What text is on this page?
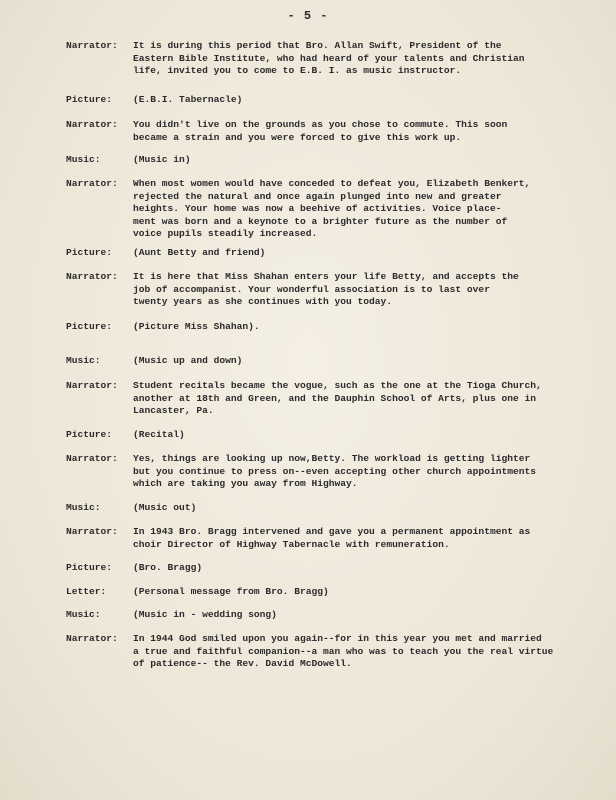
- 5 -
Narrator:	It is during this period that Bro. Allan Swift, President of the
Eastern Bible Institute, who had heard of your talents and Christian
life, invited you to come to E.B. I. as music instructor.
Picture:	(E.B.I. Tabernacle)
Narrator:	You didn't live on the grounds as you chose to commute. This soon
became a strain and you were forced to give this work up.
Music:	(Music in)
Narrator:	When most women would have conceded to defeat you, Elizabeth Benkert,
rejected the natural and once again plunged into new and greater
heights. Your home was now a beehive of activities. Voice place-
ment was born and a keynote to a brighter future as the number of
voice pupils steadily increased.
Picture:	(Aunt Betty and friend)
Narrator:	It is here that Miss Shahan enters your life Betty, and accepts the
job of accompanist. Your wonderful association is to last over
twenty years as she continues with you today.
Picture:	(Picture Miss Shahan).
Music:	(Music up and down)
Narrator:	Student recitals became the vogue, such as the one at the Tioga Church,
another at 18th and Green, and the Dauphin School of Arts, plus one in
Lancaster, Pa.
Picture:	(Recital)
Narrator:	Yes, things are looking up now,Betty. The workload is getting lighter
but you continue to press on--even accepting other church appointments
which are taking you away from Highway.
Music:	(Music out)
Narrator:	In 1943 Bro. Bragg intervened and gave you a permanent appointment as
choir Director of Highway Tabernacle with remuneration.
Picture:	(Bro. Bragg)
Letter:	(Personal message from Bro. Bragg)
Music:	(Music in - wedding song)
Narrator:	In 1944 God smiled upon you again--for in this year you met and married
a true and faithful companion--a man who was to teach you the real virtue
of patience-- the Rev. David McDowell.
